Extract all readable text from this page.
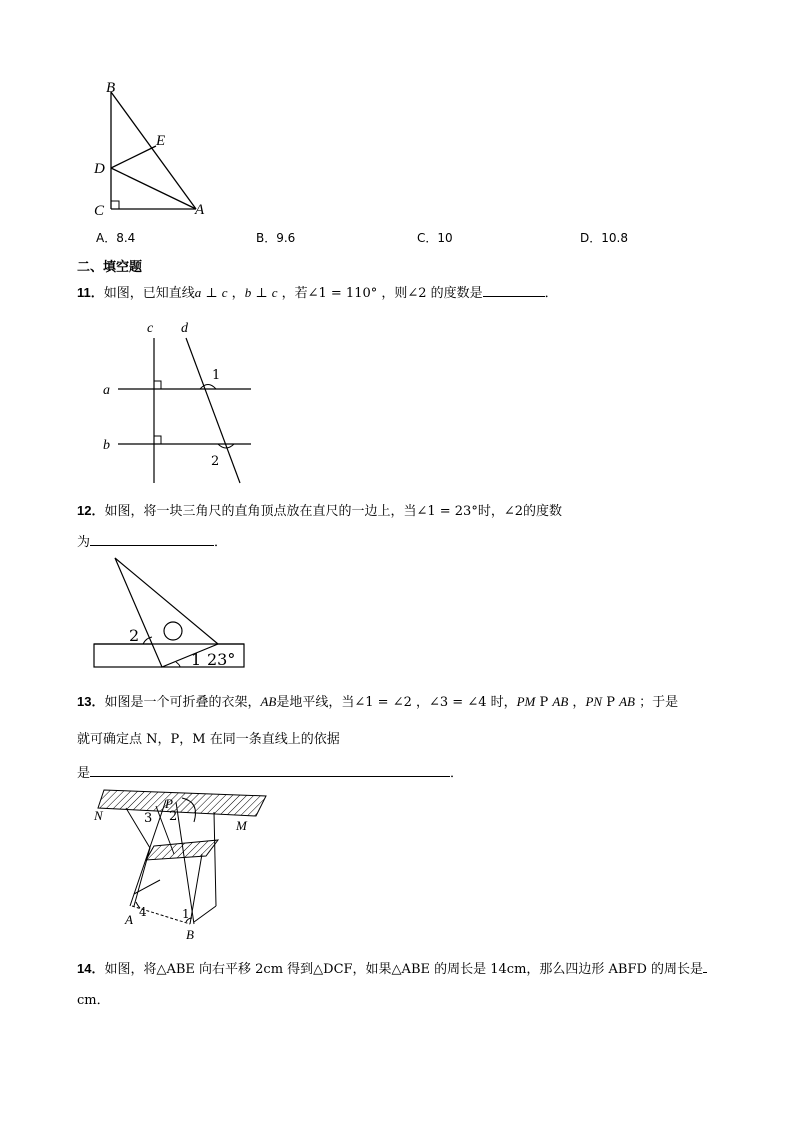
B
E
D
C	A
A．8.4	B．9.6	C．10	D．10.8
二、填空题
11．如图，已知直线a ⊥ c ，b ⊥ c ，若∠1 = 110° ，则∠2 的度数是	．
c d
a
b
1
2
12．如图，将一块三角尺的直角顶点放在直尺的一边上，当∠1 = 23°时，∠2的度数
为	．
2
1 23°
13．如图是一个可折叠的衣架，AB是地平线，当∠1 = ∠2 ，∠3 = ∠4 时，PM P AB ，PN P AB ；于是
就可确定点 N，P，M 在同一条直线上的依据
是	．
N
P
M
3 2
4	1
A
B
14．如图，将△ABE 向右平移 2cm 得到△DCF，如果△ABE 的周长是 14cm，那么四边形 ABFD 的周长是
cm．
